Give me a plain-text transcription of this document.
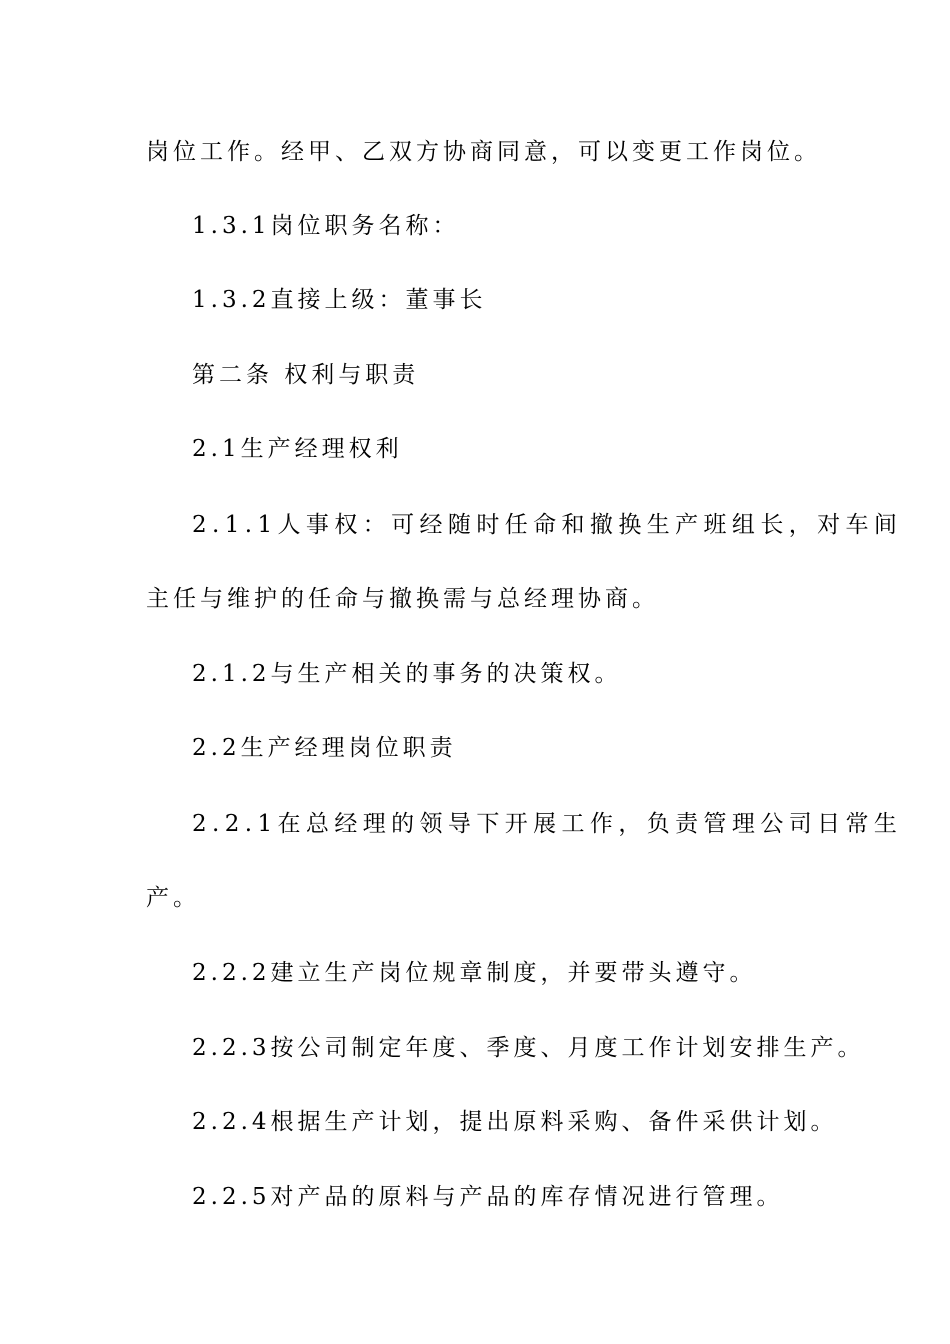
岗位工作。经甲、乙双方协商同意，可以变更工作岗位。
1.3.1岗位职务名称：
1.3.2直接上级：董事长
第二条 权利与职责
2.1生产经理权利
2.1.1人事权：可经随时任命和撤换生产班组长，对车间
主任与维护的任命与撤换需与总经理协商。
2.1.2与生产相关的事务的决策权。
2.2生产经理岗位职责
2.2.1在总经理的领导下开展工作，负责管理公司日常生
产。
2.2.2建立生产岗位规章制度，并要带头遵守。
2.2.3按公司制定年度、季度、月度工作计划安排生产。
2.2.4根据生产计划，提出原料采购、备件采供计划。
2.2.5对产品的原料与产品的库存情况进行管理。
